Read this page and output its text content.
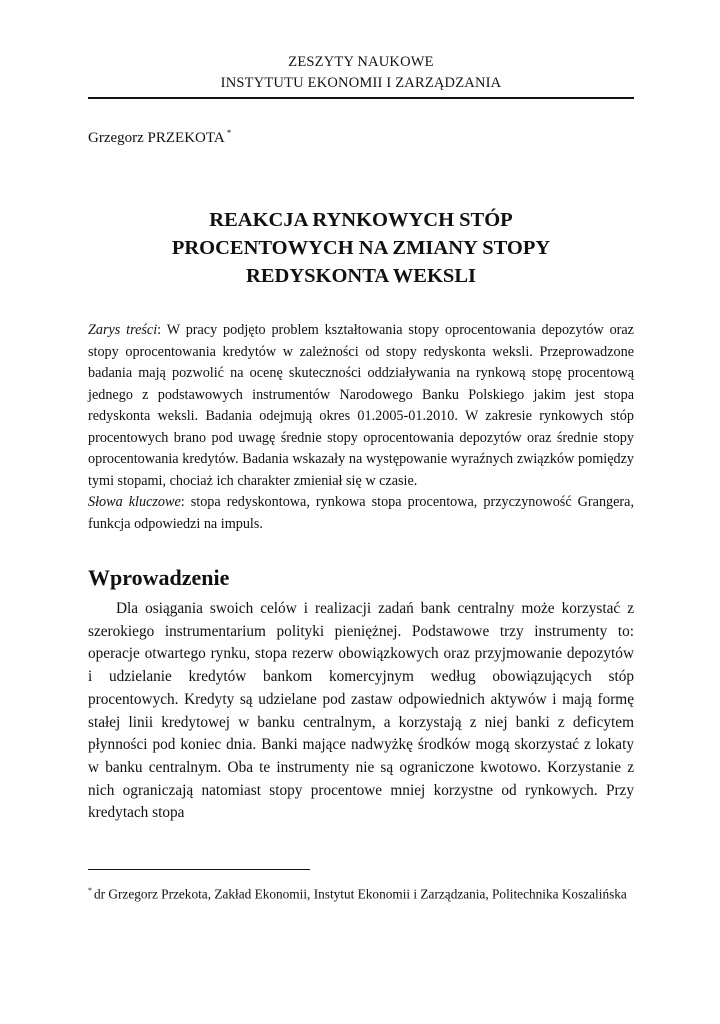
ZESZYTY NAUKOWE
INSTYTUTU EKONOMII I ZARZĄDZANIA
Grzegorz PRZEKOTA *
REAKCJA RYNKOWYCH STÓP
PROCENTOWYCH NA ZMIANY STOPY
REDYSKONTA WEKSLI

Zarys treści: W pracy podjęto problem kształtowania stopy oprocentowania depozytów oraz stopy oprocentowania kredytów w zależności od stopy redyskonta weksli. Przeprowadzone badania mają pozwolić na ocenę skuteczności oddziaływania na rynkową stopę procentową jednego z podstawowych instrumentów Narodowego Banku Polskiego jakim jest stopa redyskonta weksli. Badania odejmują okres 01.2005-01.2010. W zakresie rynkowych stóp procentowych brano pod uwagę średnie stopy oprocentowania depozytów oraz średnie stopy oprocentowania kredytów. Badania wskazały na występowanie wyraźnych związków pomiędzy tymi stopami, chociaż ich charakter zmieniał się w czasie.

Słowa kluczowe: stopa redyskontowa, rynkowa stopa procentowa, przyczynowość Grangera, funkcja odpowiedzi na impuls.

Wprowadzenie

Dla osiągania swoich celów i realizacji zadań bank centralny może korzystać z szerokiego instrumentarium polityki pieniężnej. Podstawowe trzy instrumenty to: operacje otwartego rynku, stopa rezerw obowiązkowych oraz przyjmowanie depozytów i udzielanie kredytów bankom komercyjnym według obowiązujących stóp procentowych. Kredyty są udzielane pod zastaw odpowiednich aktywów i mają formę stałej linii kredytowej w banku centralnym, a korzystają z niej banki z deficytem płynności pod koniec dnia. Banki mające nadwyżkę środków mogą skorzystać z lokaty w banku centralnym. Oba te instrumenty nie są ograniczone kwotowo. Korzystanie z nich ograniczają natomiast stopy procentowe mniej korzystne od rynkowych. Przy kredytach stopa

* dr Grzegorz Przekota, Zakład Ekonomii, Instytut Ekonomii i Zarządzania, Politechnika Koszalińska
